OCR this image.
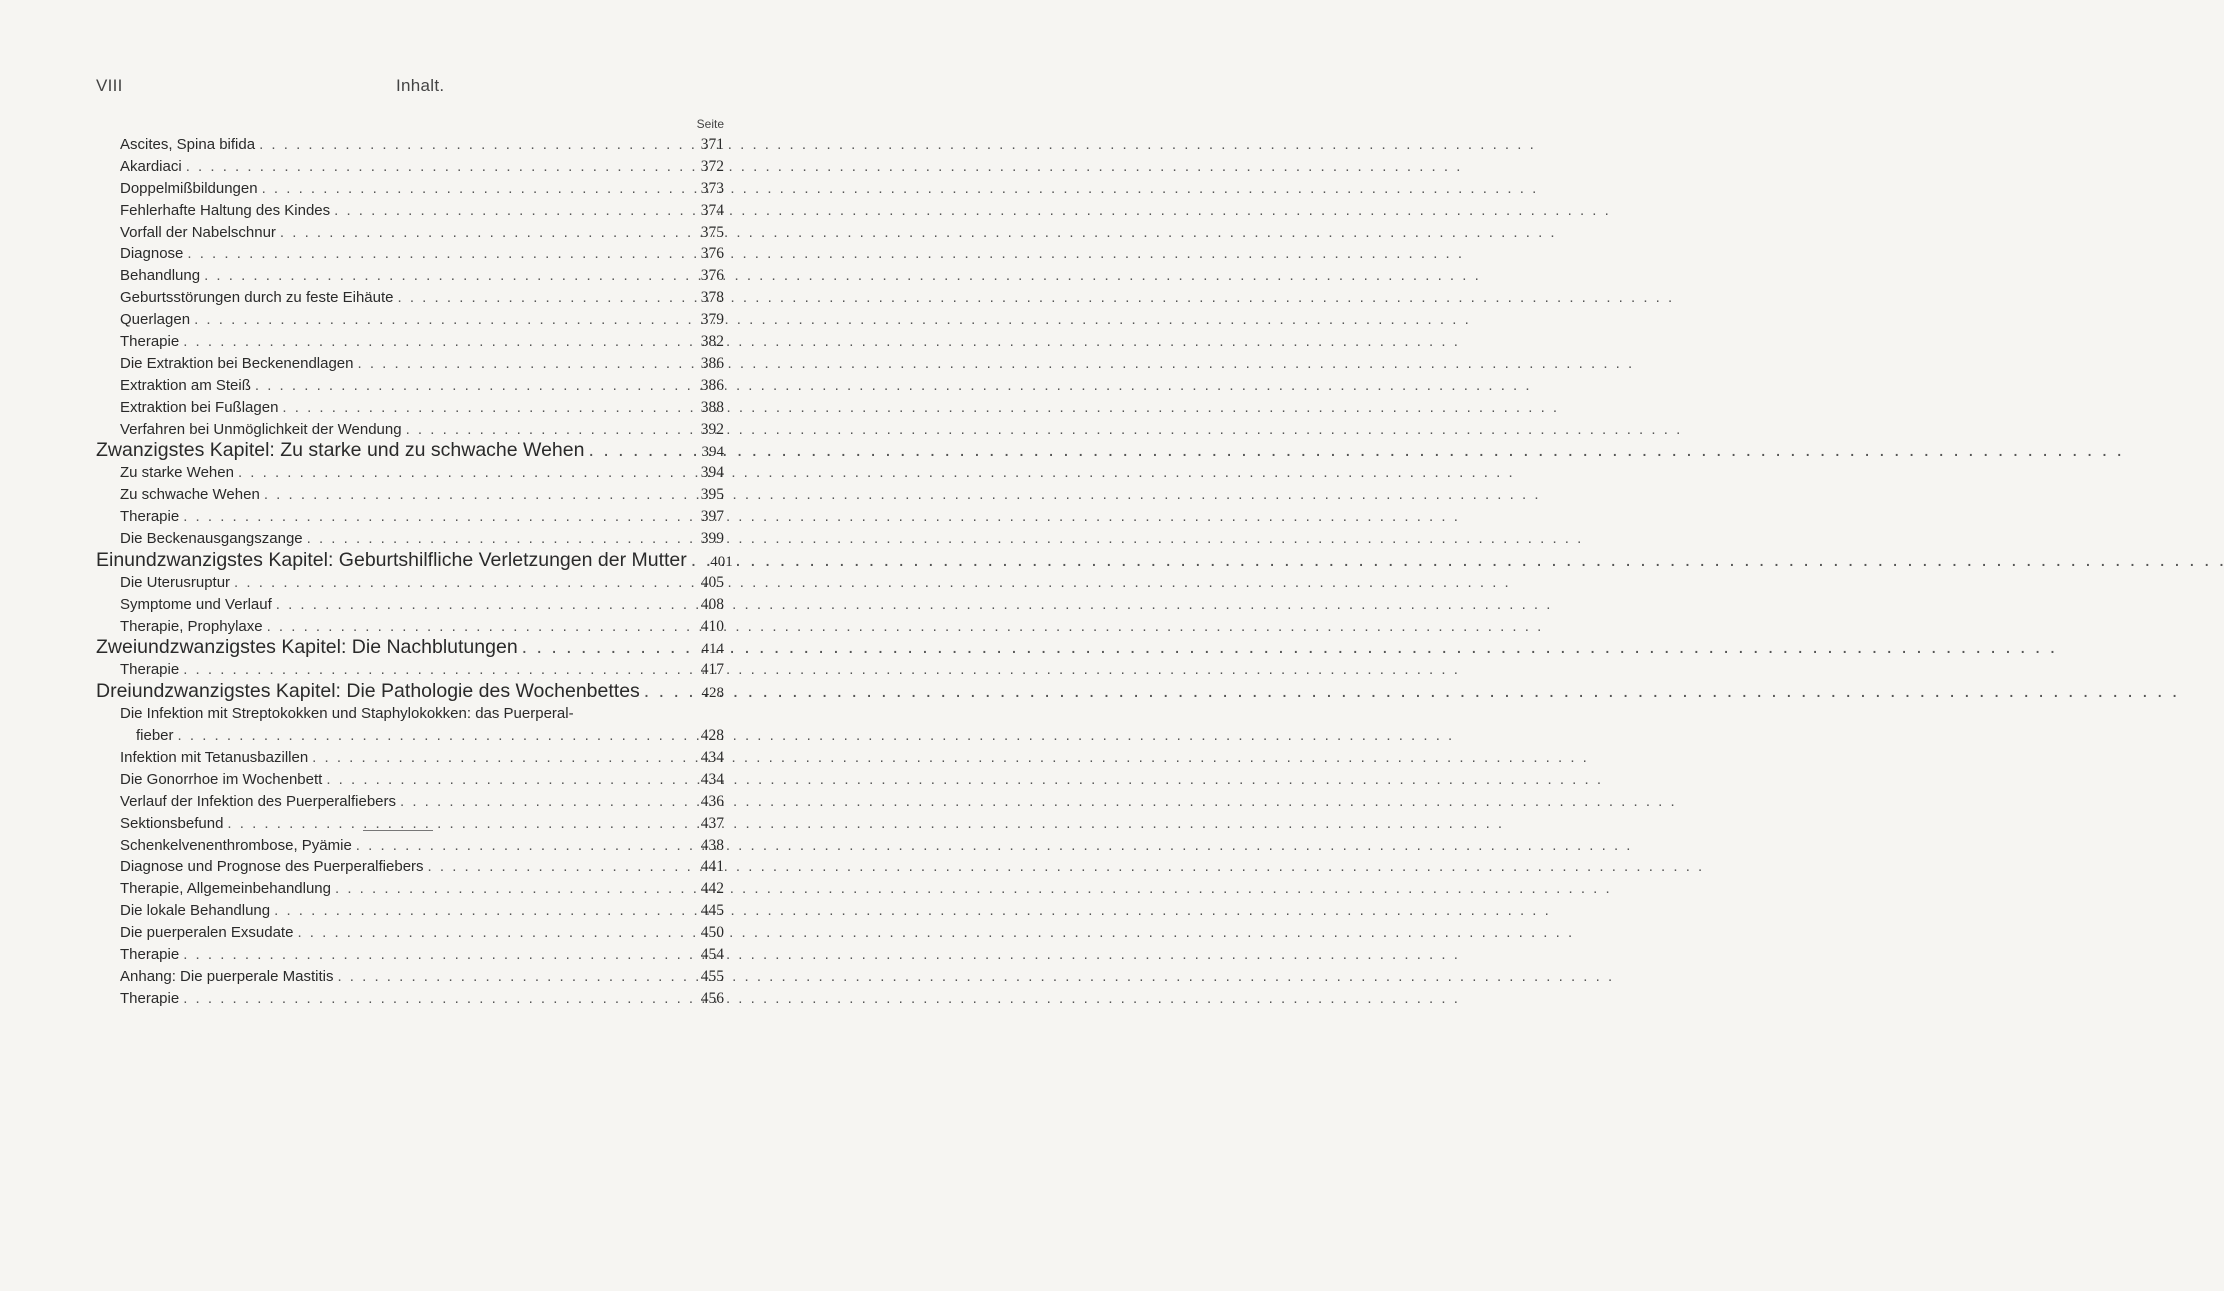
VIII	Inhalt.
Seite
Ascites, Spina bifida . . .	371
Akardiaci . . .	372
Doppelmißbildungen . . .	373
Fehlerhafte Haltung des Kindes . . .	374
Vorfall der Nabelschnur . . .	375
Diagnose . . .	376
Behandlung . . .	376
Geburtsstörungen durch zu feste Eihäute . . .	378
Querlagen . . .	379
Therapie . . .	382
Die Extraktion bei Beckenendlagen . . .	386
Extraktion am Steiß . . .	386
Extraktion bei Fußlagen . . .	388
Verfahren bei Unmöglichkeit der Wendung . . .	392
Zwanzigstes Kapitel: Zu starke und zu schwache Wehen . . .	394
Zu starke Wehen . . .	394
Zu schwache Wehen . . .	395
Therapie . . .	397
Die Beckenausgangszange . . .	399
Einundzwanzigstes Kapitel: Geburtshilfliche Verletzungen der Mutter . . .	401
Die Uterusruptur . . .	405
Symptome und Verlauf . . .	408
Therapie, Prophylaxe . . .	410
Zweiundzwanzigstes Kapitel: Die Nachblutungen . . .	414
Therapie . . .	417
Dreiundzwanzigstes Kapitel: Die Pathologie des Wochenbettes . . .	428
Die Infektion mit Streptokokken und Staphylokokken: das Puerperal-
fieber . . .	428
Infektion mit Tetanusbazillen . . .	434
Die Gonorrhoe im Wochenbett . . .	434
Verlauf der Infektion des Puerperalfiebers . . .	436
Sektionsbefund . . .	437
Schenkelvenenthrombose, Pyämie . . .	438
Diagnose und Prognose des Puerperalfiebers . . .	441
Therapie, Allgemeinbehandlung . . .	442
Die lokale Behandlung . . .	445
Die puerperalen Exsudate . . .	450
Therapie . . .	454
Anhang: Die puerperale Mastitis . . .	455
Therapie . . .	456
